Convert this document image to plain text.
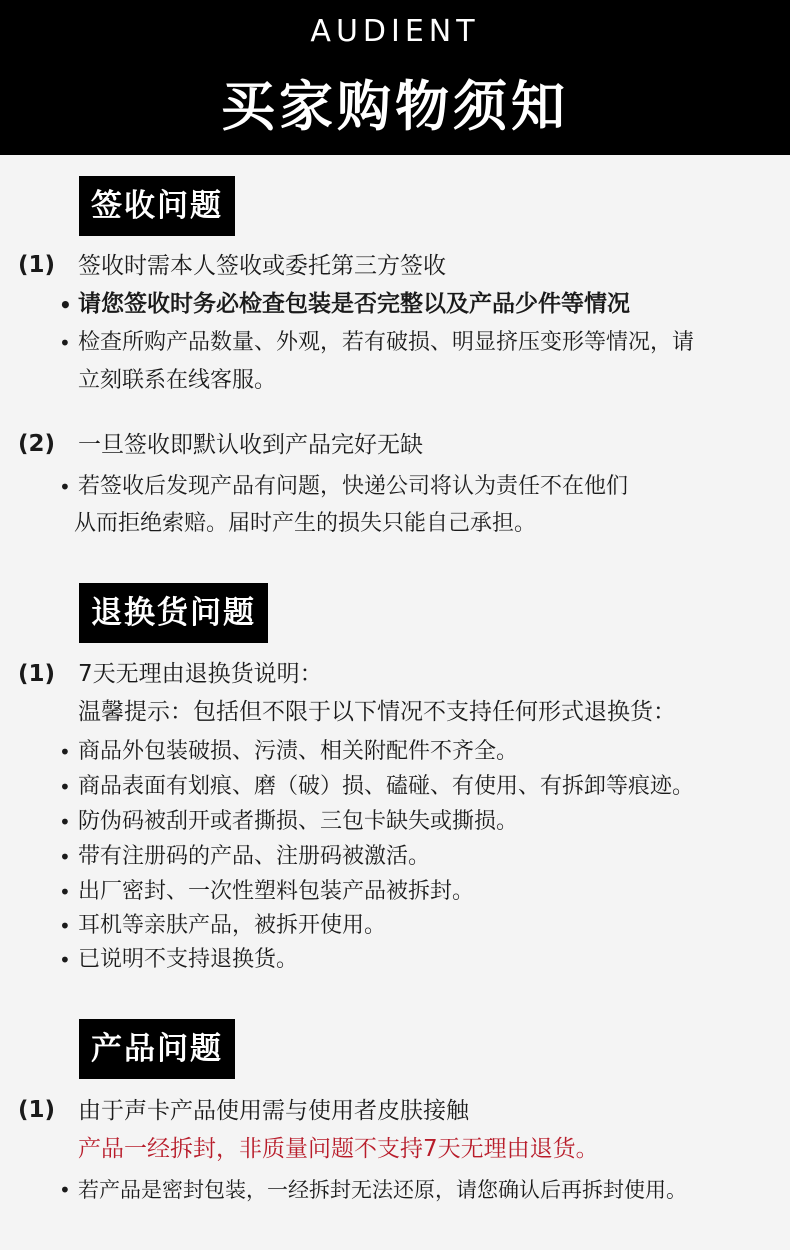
AUDIENT
买家购物须知
签收问题
(1) 签收时需本人签收或委托第三方签收
• 请您签收时务必检查包装是否完整以及产品少件等情况
• 检查所购产品数量、外观，若有破损、明显挤压变形等情况，请
立刻联系在线客服。
(2) 一旦签收即默认收到产品完好无缺
• 若签收后发现产品有问题，快递公司将认为责任不在他们
从而拒绝索赔。届时产生的损失只能自己承担。
退换货问题
(1) 7天无理由退换货说明：
温馨提示：包括但不限于以下情况不支持任何形式退换货：
• 商品外包装破损、污渍、相关附配件不齐全。
• 商品表面有划痕、磨（破）损、磕碰、有使用、有拆卸等痕迹。
• 防伪码被刮开或者撕损、三包卡缺失或撕损。
• 带有注册码的产品、注册码被激活。
• 出厂密封、一次性塑料包装产品被拆封。
• 耳机等亲肤产品，被拆开使用。
• 已说明不支持退换货。
产品问题
(1) 由于声卡产品使用需与使用者皮肤接触
产品一经拆封，非质量问题不支持7天无理由退货。
• 若产品是密封包装，一经拆封无法还原，请您确认后再拆封使用。
